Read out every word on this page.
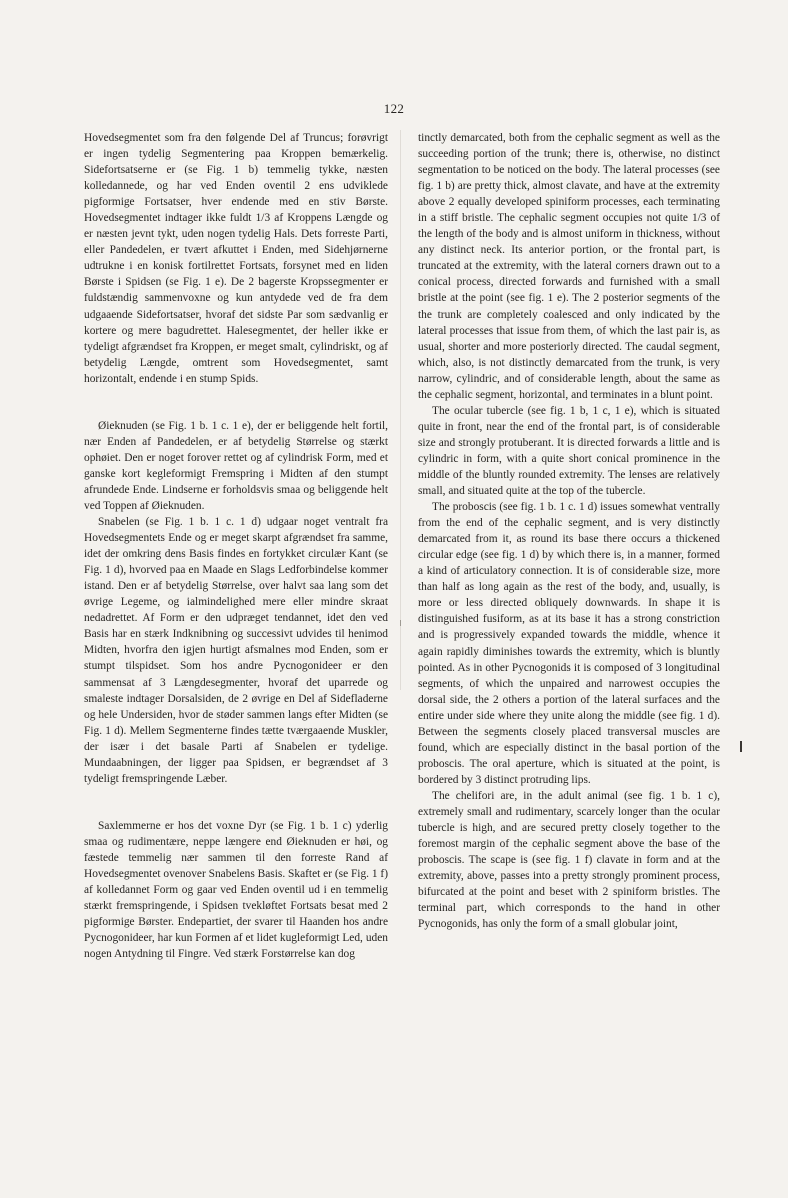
122

Hovedsegmentet som fra den følgende Del af Truncus; forøvrigt er ingen tydelig Segmentering paa Kroppen bemærkelig. Sidefortsatserne er (se Fig. 1 b) temmelig tykke, næsten kolledannede, og har ved Enden oventil 2 ens udviklede pigformige Fortsatser, hver endende med en stiv Børste. Hovedsegmentet indtager ikke fuldt 1/3 af Kroppens Længde og er næsten jevnt tykt, uden nogen tydelig Hals. Dets forreste Parti, eller Pandedelen, er tvært afkuttet i Enden, med Sidehjørnerne udtrukne i en konisk fortilrettet Fortsats, forsynet med en liden Børste i Spidsen (se Fig. 1 e). De 2 bagerste Kropssegmenter er fuldstændig sammenvoxne og kun antydede ved de fra dem udgaaende Sidefortsatser, hvoraf det sidste Par som sædvanlig er kortere og mere bagudrettet. Halesegmentet, der heller ikke er tydeligt afgrændset fra Kroppen, er meget smalt, cylindriskt, og af betydelig Længde, omtrent som Hovedsegmentet, samt horizontalt, endende i en stump Spids.

Øieknuden (se Fig. 1 b. 1 c. 1 e), der er beliggende helt fortil, nær Enden af Pandedelen, er af betydelig Størrelse og stærkt ophøiet. Den er noget forover rettet og af cylindrisk Form, med et ganske kort kegleformigt Fremspring i Midten af den stumpt afrundede Ende. Lindserne er forholdsvis smaa og beliggende helt ved Toppen af Øieknuden.

Snabelen (se Fig. 1 b. 1 c. 1 d) udgaar noget ventralt fra Hovedsegmentets Ende og er meget skarpt afgrændset fra samme, idet der omkring dens Basis findes en fortykket circulær Kant (se Fig. 1 d), hvorved paa en Maade en Slags Ledforbindelse kommer istand. Den er af betydelig Størrelse, over halvt saa lang som det øvrige Legeme, og ialmindelighed mere eller mindre skraat nedadrettet. Af Form er den udpræget tendannet, idet den ved Basis har en stærk Indknibning og successivt udvides til henimod Midten, hvorfra den igjen hurtigt afsmalnes mod Enden, som er stumpt tilspidset. Som hos andre Pycnogonideer er den sammensat af 3 Længdesegmenter, hvoraf det uparrede og smaleste indtager Dorsalsiden, de 2 øvrige en Del af Sidefladerne og hele Undersiden, hvor de støder sammen langs efter Midten (se Fig. 1 d). Mellem Segmenterne findes tætte tværgaaende Muskler, der især i det basale Parti af Snabelen er tydelige. Mundaabningen, der ligger paa Spidsen, er begrændset af 3 tydeligt fremspringende Læber.

Saxlemmerne er hos det voxne Dyr (se Fig. 1 b. 1 c) yderlig smaa og rudimentære, neppe længere end Øieknuden er høi, og fæstede temmelig nær sammen til den forreste Rand af Hovedsegmentet ovenover Snabelens Basis. Skaftet er (se Fig. 1 f) af kolledannet Form og gaar ved Enden oventil ud i en temmelig stærkt fremspringende, i Spidsen tvekløftet Fortsats besat med 2 pigformige Børster. Endepartiet, der svarer til Haanden hos andre Pycnogonideer, har kun Formen af et lidet kugleformigt Led, uden nogen Antydning til Fingre. Ved stærk Forstørrelse kan dog

tinctly demarcated, both from the cephalic segment as well as the succeeding portion of the trunk; there is, otherwise, no distinct segmentation to be noticed on the body. The lateral processes (see fig. 1 b) are pretty thick, almost clavate, and have at the extremity above 2 equally developed spiniform processes, each terminating in a stiff bristle. The cephalic segment occupies not quite 1/3 of the length of the body and is almost uniform in thickness, without any distinct neck. Its anterior portion, or the frontal part, is truncated at the extremity, with the lateral corners drawn out to a conical process, directed forwards and furnished with a small bristle at the point (see fig. 1 e). The 2 posterior segments of the the trunk are completely coalesced and only indicated by the lateral processes that issue from them, of which the last pair is, as usual, shorter and more posteriorly directed. The caudal segment, which, also, is not distinctly demarcated from the trunk, is very narrow, cylindric, and of considerable length, about the same as the cephalic segment, horizontal, and terminates in a blunt point.

The ocular tubercle (see fig. 1 b, 1 c, 1 e), which is situated quite in front, near the end of the frontal part, is of considerable size and strongly protuberant. It is directed forwards a little and is cylindric in form, with a quite short conical prominence in the middle of the bluntly rounded extremity. The lenses are relatively small, and situated quite at the top of the tubercle.

The proboscis (see fig. 1 b. 1 c. 1 d) issues somewhat ventrally from the end of the cephalic segment, and is very distinctly demarcated from it, as round its base there occurs a thickened circular edge (see fig. 1 d) by which there is, in a manner, formed a kind of articulatory connection. It is of considerable size, more than half as long again as the rest of the body, and, usually, is more or less directed obliquely downwards. In shape it is distinguished fusiform, as at its base it has a strong constriction and is progressively expanded towards the middle, whence it again rapidly diminishes towards the extremity, which is bluntly pointed. As in other Pycnogonids it is composed of 3 longitudinal segments, of which the unpaired and narrowest occupies the dorsal side, the 2 others a portion of the lateral surfaces and the entire under side where they unite along the middle (see fig. 1 d). Between the segments closely placed transversal muscles are found, which are especially distinct in the basal portion of the proboscis. The oral aperture, which is situated at the point, is bordered by 3 distinct protruding lips.

The chelifori are, in the adult animal (see fig. 1 b. 1 c), extremely small and rudimentary, scarcely longer than the ocular tubercle is high, and are secured pretty closely together to the foremost margin of the cephalic segment above the base of the proboscis. The scape is (see fig. 1 f) clavate in form and at the extremity, above, passes into a pretty strongly prominent process, bifurcated at the point and beset with 2 spiniform bristles. The terminal part, which corresponds to the hand in other Pycnogonids, has only the form of a small globular joint,
